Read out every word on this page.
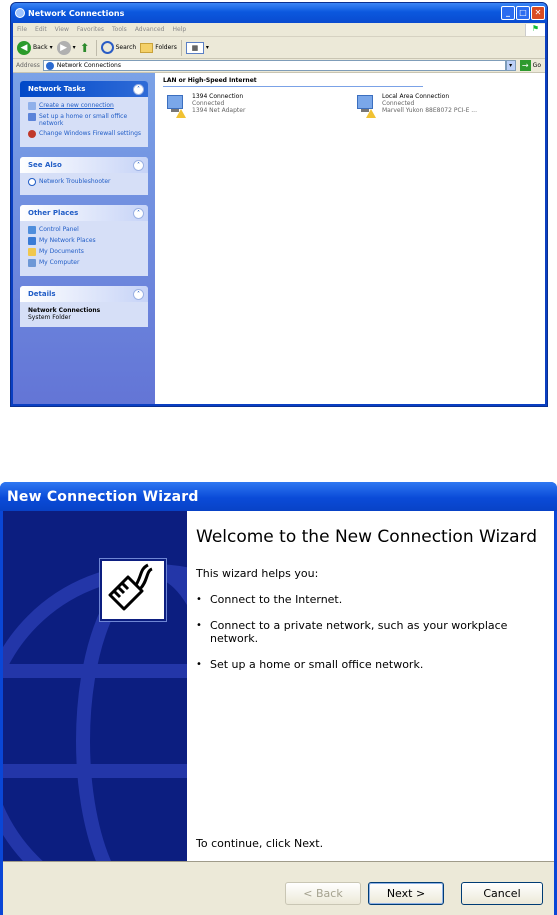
Network Connections	_	□ ✕
File Edit View Favorites Tools Advanced Help	⚑
◀ Back ▾ ▶ ▾ ⬆	Search	Folders	▦	▾
Address	Network Connections	▾	→ Go
Network Tasks	˄
Create a new connection
Set up a home or small office network
Change Windows Firewall settings
See Also	˄
Network Troubleshooter
Other Places	˄
Control Panel
My Network Places
My Documents
My Computer
Details	˄
Network Connections
System Folder
LAN or High-Speed Internet
1394 Connection
Connected
1394 Net Adapter
Local Area Connection
Connected
Marvell Yukon 88E8072 PCI-E ...
New Connection Wizard
Welcome to the New Connection Wizard
This wizard helps you:
• Connect to the Internet.
• Connect to a private network, such as your workplace network.
• Set up a home or small office network.
To continue, click Next.
< Back	Next >	Cancel
